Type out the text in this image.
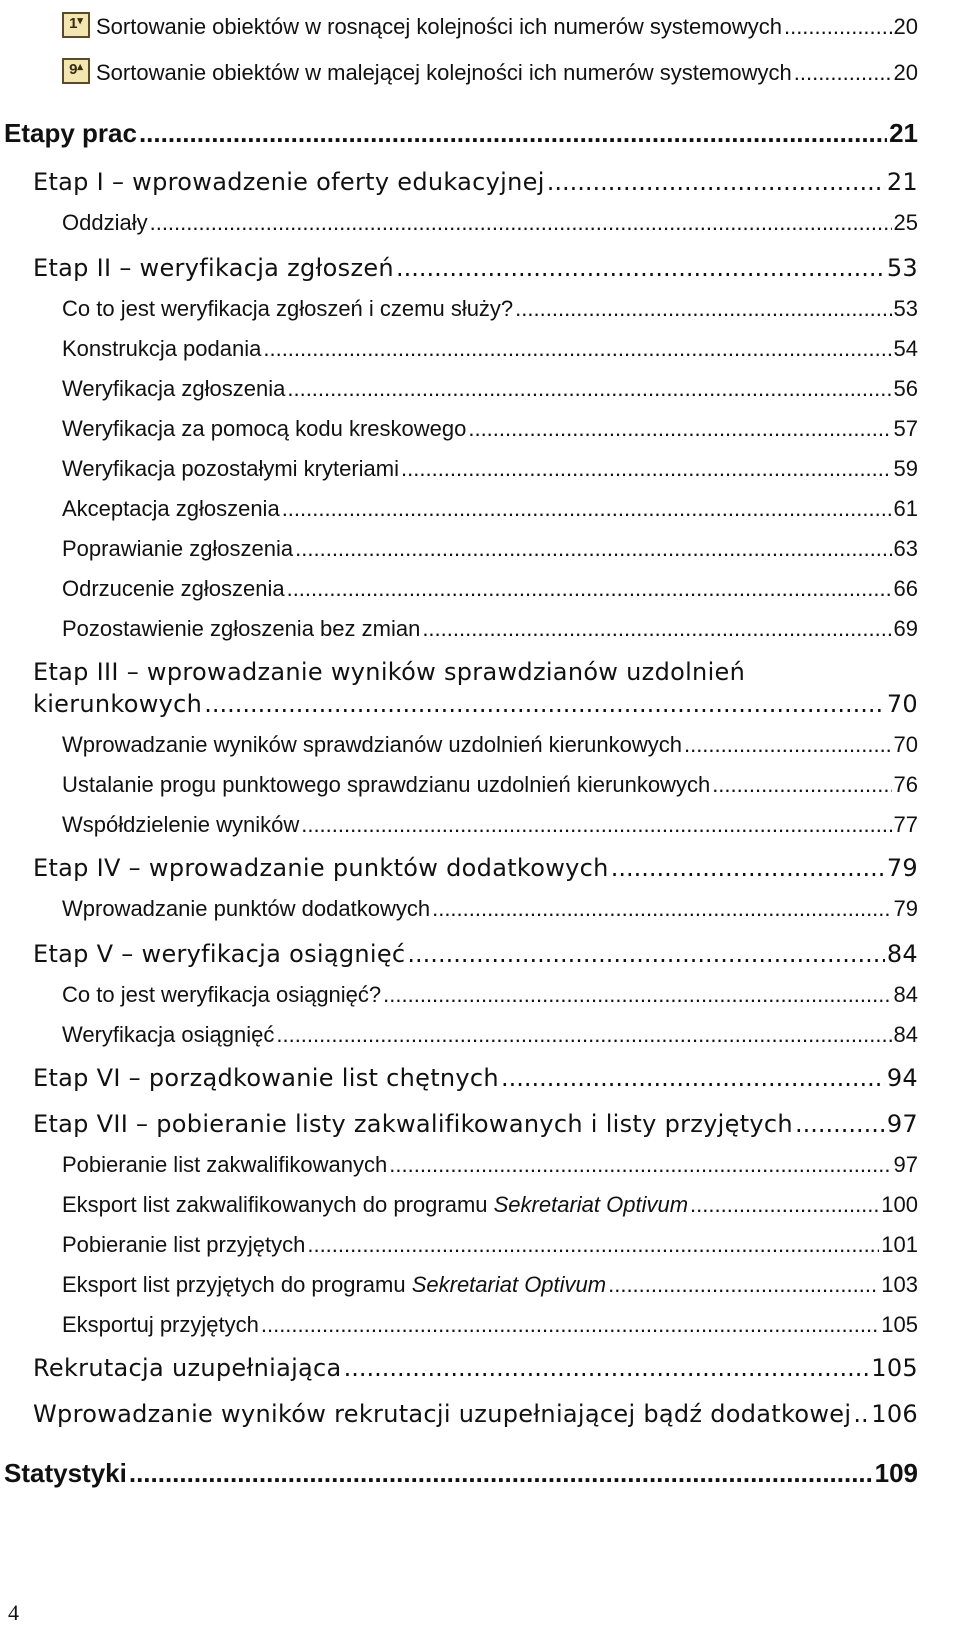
1▾ Sortowanie obiektów w rosnącej kolejności ich numerów systemowych .....	20
9▴ Sortowanie obiektów w malejącej kolejności ich numerów systemowych .....	20
Etapy prac .....	21
Etap I – wprowadzenie oferty edukacyjnej .....	21
Oddziały .....	25
Etap II – weryfikacja zgłoszeń .....	53
Co to jest weryfikacja zgłoszeń i czemu służy? .....	53
Konstrukcja podania .....	54
Weryfikacja zgłoszenia .....	56
Weryfikacja za pomocą kodu kreskowego .....	57
Weryfikacja pozostałymi kryteriami .....	59
Akceptacja zgłoszenia .....	61
Poprawianie zgłoszenia .....	63
Odrzucenie zgłoszenia .....	66
Pozostawienie zgłoszenia bez zmian .....	69
Etap III – wprowadzanie wyników sprawdzianów uzdolnień
kierunkowych .....	70
Wprowadzanie wyników sprawdzianów uzdolnień kierunkowych .....	70
Ustalanie progu punktowego sprawdzianu uzdolnień kierunkowych .....	76
Współdzielenie wyników .....	77
Etap IV – wprowadzanie punktów dodatkowych .....	79
Wprowadzanie punktów dodatkowych .....	79
Etap V – weryfikacja osiągnięć .....	84
Co to jest weryfikacja osiągnięć? .....	84
Weryfikacja osiągnięć .....	84
Etap VI – porządkowanie list chętnych .....	94
Etap VII – pobieranie listy zakwalifikowanych i listy przyjętych .....	97
Pobieranie list zakwalifikowanych .....	97
Eksport list zakwalifikowanych do programu Sekretariat Optivum .....	100
Pobieranie list przyjętych .....	101
Eksport list przyjętych do programu Sekretariat Optivum .....	103
Eksportuj przyjętych .....	105
Rekrutacja uzupełniająca .....	105
Wprowadzanie wyników rekrutacji uzupełniającej bądź dodatkowej ..... 106
Statystyki .....	109
4
